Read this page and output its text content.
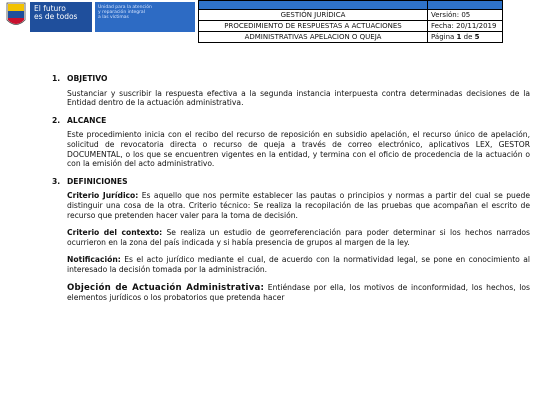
El futuro
es de todos
Unidad para la atención
y reparación integral
a las víctimas
		GESTIÓN JURÍDICA	Versión: 05
PROCEDIMIENTO DE RESPUESTAS A ACTUACIONES	Fecha: 20/11/2019
ADMINISTRATIVAS APELACION O QUEJA	Página 1 de 5
1. OBJETIVO
Sustanciar y suscribir la respuesta efectiva a la segunda instancia interpuesta contra determinadas decisiones de la Entidad dentro de la actuación administrativa.
2. ALCANCE
Este procedimiento inicia con el recibo del recurso de reposición en subsidio apelación, el recurso único de apelación, solicitud de revocatoria directa o recurso de queja a través de correo electrónico, aplicativos LEX, GESTOR DOCUMENTAL, o los que se encuentren vigentes en la entidad, y termina con el oficio de procedencia de la actuación o con la emisión del acto administrativo.
3. DEFINICIONES
Criterio Jurídico: Es aquello que nos permite establecer las pautas o principios y normas a partir del cual se puede distinguir una cosa de la otra. Criterio técnico: Se realiza la recopilación de las pruebas que acompañan el escrito de recurso que pretenden hacer valer para la toma de decisión.
Criterio del contexto: Se realiza un estudio de georreferenciación para poder determinar si los hechos narrados ocurrieron en la zona del país indicada y si había presencia de grupos al margen de la ley.
Notificación: Es el acto jurídico mediante el cual, de acuerdo con la normatividad legal, se pone en conocimiento al interesado la decisión tomada por la administración.
Objeción de Actuación Administrativa: Entiéndase por ella, los motivos de inconformidad, los hechos, los elementos jurídicos o los probatorios que pretenda hacer
